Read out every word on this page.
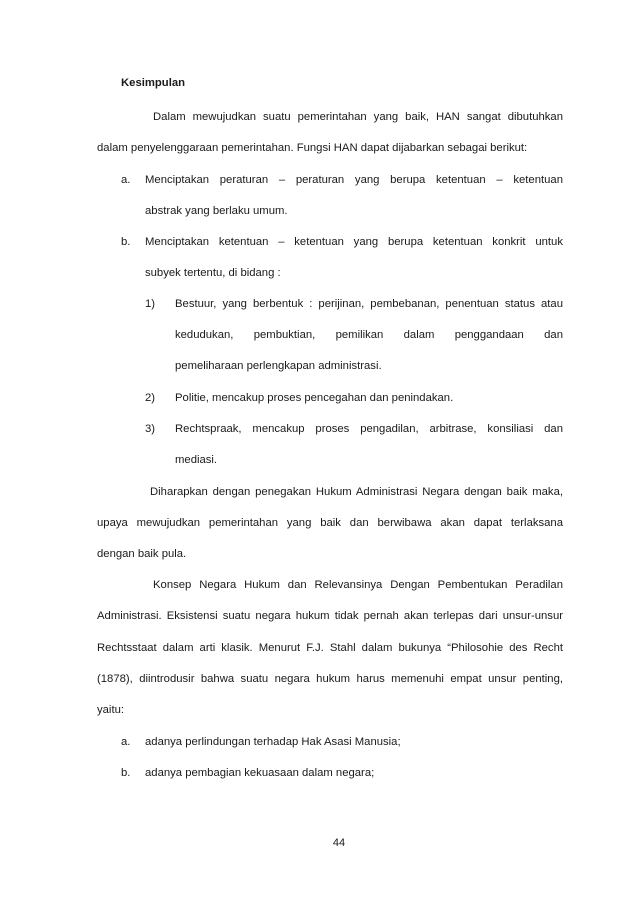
Kesimpulan
Dalam mewujudkan suatu pemerintahan yang baik, HAN sangat dibutuhkan
dalam penyelenggaraan pemerintahan. Fungsi HAN dapat dijabarkan sebagai berikut:
a. Menciptakan peraturan – peraturan yang berupa ketentuan – ketentuan
abstrak yang berlaku umum.
b. Menciptakan ketentuan – ketentuan yang berupa ketentuan konkrit untuk
subyek tertentu, di bidang :
1) Bestuur, yang berbentuk : perijinan, pembebanan, penentuan status atau
kedudukan, pembuktian, pemilikan dalam penggandaan dan
pemeliharaan perlengkapan administrasi.
2) Politie, mencakup proses pencegahan dan penindakan.
3) Rechtspraak, mencakup proses pengadilan, arbitrase, konsiliasi dan
mediasi.
Diharapkan dengan penegakan Hukum Administrasi Negara dengan baik maka,
upaya mewujudkan pemerintahan yang baik dan berwibawa akan dapat terlaksana
dengan baik pula.
Konsep Negara Hukum dan Relevansinya Dengan Pembentukan Peradilan
Administrasi. Eksistensi suatu negara hukum tidak pernah akan terlepas dari unsur-unsur
Rechtsstaat dalam arti klasik. Menurut F.J. Stahl dalam bukunya “Philosohie des Recht
(1878), diintrodusir bahwa suatu negara hukum harus memenuhi empat unsur penting,
yaitu:
a. adanya perlindungan terhadap Hak Asasi Manusia;
b. adanya pembagian kekuasaan dalam negara;
44
